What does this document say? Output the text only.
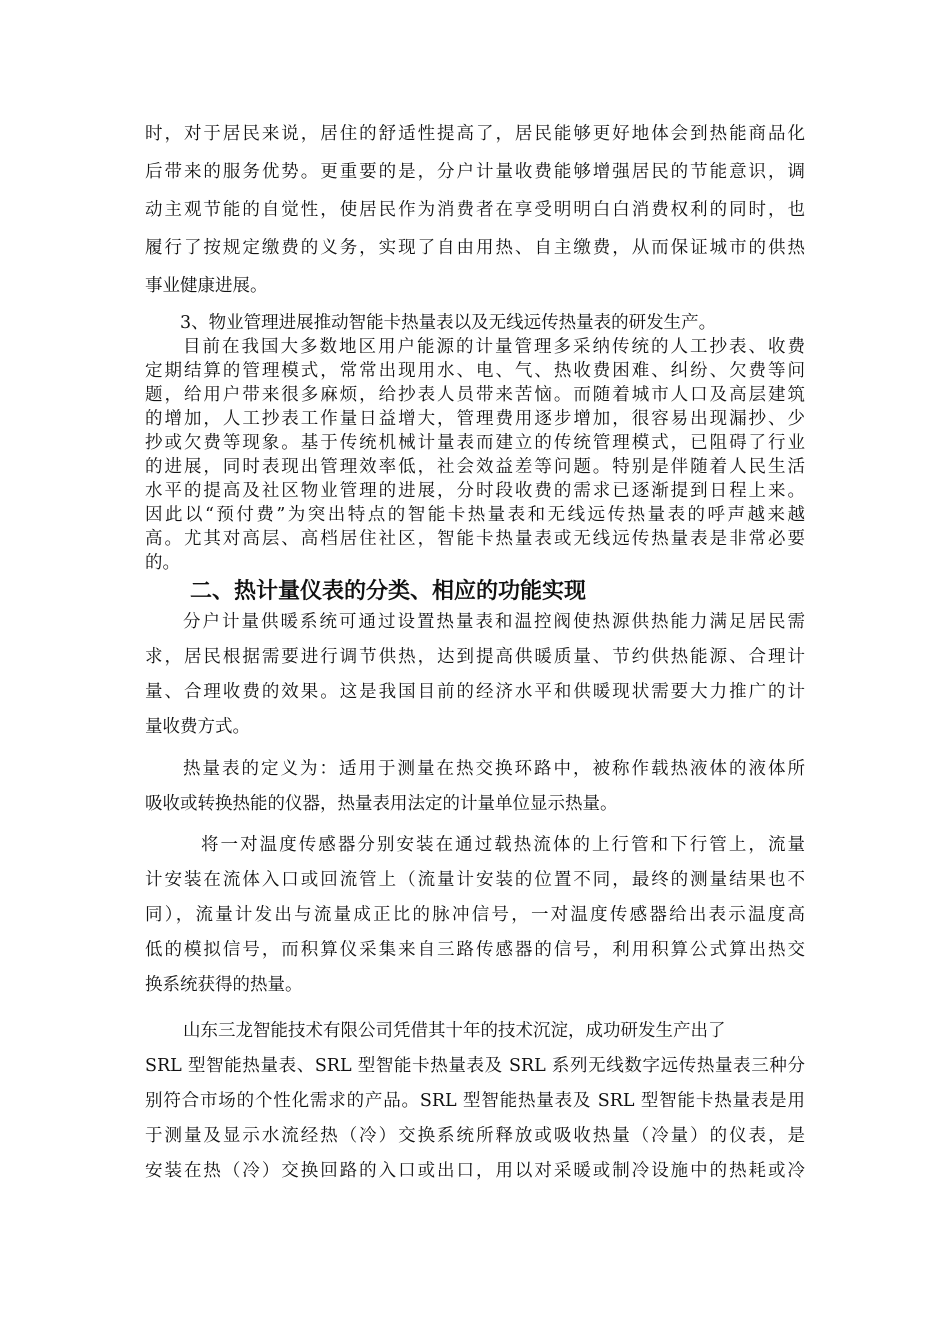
时，对于居民来说，居住的舒适性提高了，居民能够更好地体会到热能商品化
后带来的服务优势。更重要的是，分户计量收费能够增强居民的节能意识，调
动主观节能的自觉性，使居民作为消费者在享受明明白白消费权利的同时，也
履行了按规定缴费的义务，实现了自由用热、自主缴费，从而保证城市的供热
事业健康进展。
3、物业管理进展推动智能卡热量表以及无线远传热量表的研发生产。
目前在我国大多数地区用户能源的计量管理多采纳传统的人工抄表、收费
定期结算的管理模式，常常出现用水、电、气、热收费困难、纠纷、欠费等问
题，给用户带来很多麻烦，给抄表人员带来苦恼。而随着城市人口及高层建筑
的增加，人工抄表工作量日益增大，管理费用逐步增加，很容易出现漏抄、少
抄或欠费等现象。基于传统机械计量表而建立的传统管理模式，已阻碍了行业
的进展，同时表现出管理效率低，社会效益差等问题。特别是伴随着人民生活
水平的提高及社区物业管理的进展，分时段收费的需求已逐渐提到日程上来。
因此以“预付费”为突出特点的智能卡热量表和无线远传热量表的呼声越来越
高。尤其对高层、高档居住社区，智能卡热量表或无线远传热量表是非常必要
的。
二、热计量仪表的分类、相应的功能实现
分户计量供暖系统可通过设置热量表和温控阀使热源供热能力满足居民需
求，居民根据需要进行调节供热，达到提高供暖质量、节约供热能源、合理计
量、合理收费的效果。这是我国目前的经济水平和供暖现状需要大力推广的计
量收费方式。
热量表的定义为：适用于测量在热交换环路中，被称作载热液体的液体所
吸收或转换热能的仪器，热量表用法定的计量单位显示热量。
将一对温度传感器分别安装在通过载热流体的上行管和下行管上，流量
计安装在流体入口或回流管上（流量计安装的位置不同，最终的测量结果也不
同），流量计发出与流量成正比的脉冲信号，一对温度传感器给出表示温度高
低的模拟信号，而积算仪采集来自三路传感器的信号，利用积算公式算出热交
换系统获得的热量。
山东三龙智能技术有限公司凭借其十年的技术沉淀，成功研发生产出了
SRL 型智能热量表、SRL 型智能卡热量表及 SRL 系列无线数字远传热量表三种分
别符合市场的个性化需求的产品。SRL 型智能热量表及 SRL 型智能卡热量表是用
于测量及显示水流经热（冷）交换系统所释放或吸收热量（冷量）的仪表，是
安装在热（冷）交换回路的入口或出口，用以对采暖或制冷设施中的热耗或冷
